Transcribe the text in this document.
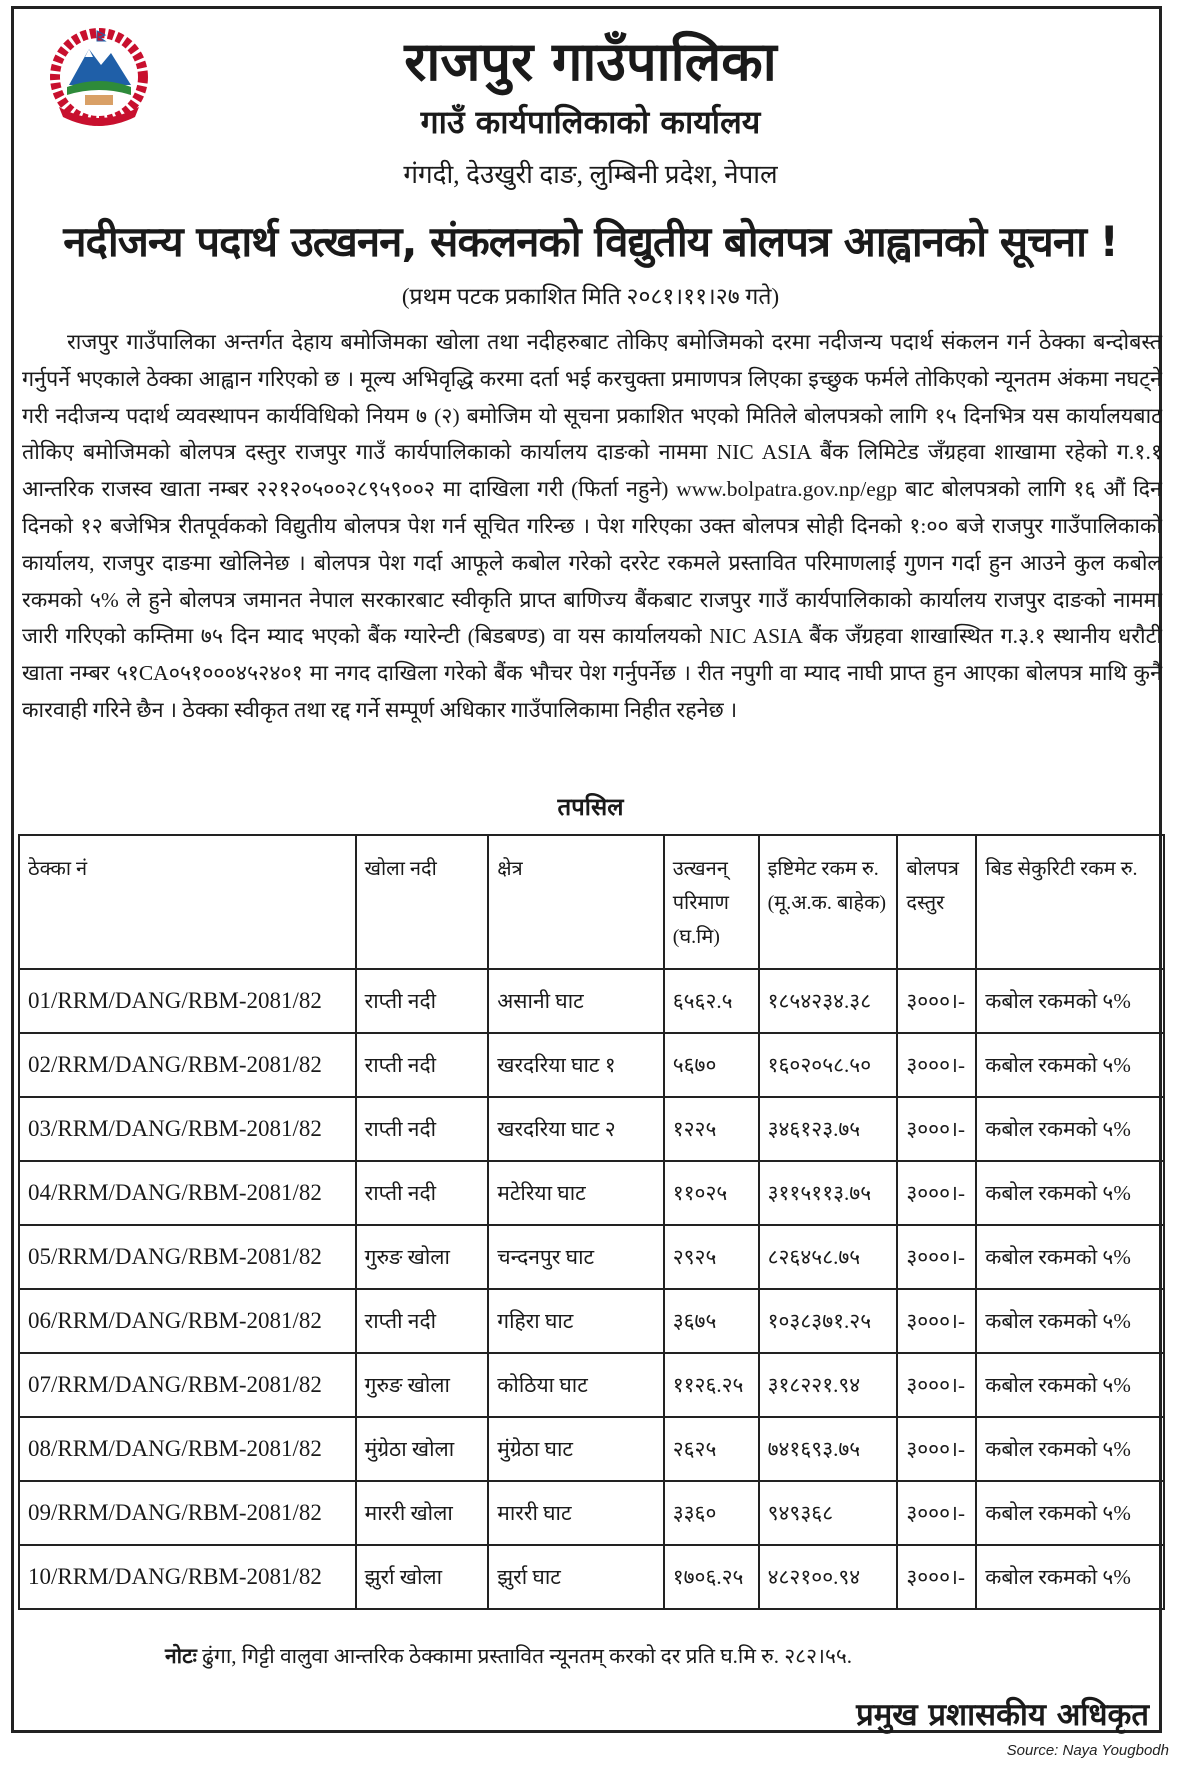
राजपुर गाउँपालिका
गाउँ कार्यपालिकाको कार्यालय
गंगदी, देउखुरी दाङ, लुम्बिनी प्रदेश, नेपाल
नदीजन्य पदार्थ उत्खनन, संकलनको विद्युतीय बोलपत्र आह्वानको सूचना !
(प्रथम पटक प्रकाशित मिति २०८१।११।२७ गते)
राजपुर गाउँपालिका अन्तर्गत देहाय बमोजिमका खोला तथा नदीहरुबाट तोकिए बमोजिमको दरमा नदीजन्य पदार्थ संकलन गर्न ठेक्का बन्दोबस्त गर्नुपर्ने भएकाले ठेक्का आह्वान गरिएको छ । मूल्य अभिवृद्धि करमा दर्ता भई करचुक्ता प्रमाणपत्र लिएका इच्छुक फर्मले तोकिएको न्यूनतम अंकमा नघट्ने गरी नदीजन्य पदार्थ व्यवस्थापन कार्यविधिको नियम ७ (२) बमोजिम यो सूचना प्रकाशित भएको मितिले बोलपत्रको लागि १५ दिनभित्र यस कार्यालयबाट तोकिए बमोजिमको बोलपत्र दस्तुर राजपुर गाउँ कार्यपालिकाको कार्यालय दाङको नाममा NIC ASIA बैंक लिमिटेड जँग्रहवा शाखामा रहेको ग.१.१ आन्तरिक राजस्व खाता नम्बर २२१२०५००२८९५९००२ मा दाखिला गरी (फिर्ता नहुने) www.bolpatra.gov.np/egp बाट बोलपत्रको लागि १६ औं दिन दिनको १२ बजेभित्र रीतपूर्वकको विद्युतीय बोलपत्र पेश गर्न सूचित गरिन्छ । पेश गरिएका उक्त बोलपत्र सोही दिनको १:०० बजे राजपुर गाउँपालिकाको कार्यालय, राजपुर दाङमा खोलिनेछ । बोलपत्र पेश गर्दा आफूले कबोल गरेको दररेट रकमले प्रस्तावित परिमाणलाई गुणन गर्दा हुन आउने कुल कबोल रकमको ५% ले हुने बोलपत्र जमानत नेपाल सरकारबाट स्वीकृति प्राप्त बाणिज्य बैंकबाट राजपुर गाउँ कार्यपालिकाको कार्यालय राजपुर दाङको नाममा जारी गरिएको कम्तिमा ७५ दिन म्याद भएको बैंक ग्यारेन्टी (बिडबण्ड) वा यस कार्यालयको NIC ASIA बैंक जँग्रहवा शाखास्थित ग.३.१ स्थानीय धरौटी खाता नम्बर ५१CA०५१०००४५२४०१ मा नगद दाखिला गरेको बैंक भौचर पेश गर्नुपर्नेछ । रीत नपुगी वा म्याद नाघी प्राप्त हुन आएका बोलपत्र माथि कुनै कारवाही गरिने छैन । ठेक्का स्वीकृत तथा रद्द गर्ने सम्पूर्ण अधिकार गाउँपालिकामा निहीत रहनेछ ।
तपसिल
ठेक्का नं	खोला नदी	क्षेत्र	उत्खनन् परिमाण (घ.मि)	इष्टिमेट रकम रु. (मू.अ.क. बाहेक)	बोलपत्र दस्तुर	बिड सेकुरिटी रकम रु.
01/RRM/DANG/RBM-2081/82	राप्ती नदी	असानी घाट	६५६२.५	१८५४२३४.३८	३०००।-	कबोल रकमको ५%
02/RRM/DANG/RBM-2081/82	राप्ती नदी	खरदरिया घाट १	५६७०	१६०२०५८.५०	३०००।-	कबोल रकमको ५%
03/RRM/DANG/RBM-2081/82	राप्ती नदी	खरदरिया घाट २	१२२५	३४६१२३.७५	३०००।-	कबोल रकमको ५%
04/RRM/DANG/RBM-2081/82	राप्ती नदी	मटेरिया घाट	११०२५	३११५११३.७५	३०००।-	कबोल रकमको ५%
05/RRM/DANG/RBM-2081/82	गुरुङ खोला	चन्दनपुर घाट	२९२५	८२६४५८.७५	३०००।-	कबोल रकमको ५%
06/RRM/DANG/RBM-2081/82	राप्ती नदी	गहिरा घाट	३६७५	१०३८३७१.२५	३०००।-	कबोल रकमको ५%
07/RRM/DANG/RBM-2081/82	गुरुङ खोला	कोठिया घाट	११२६.२५	३१८२२१.९४	३०००।-	कबोल रकमको ५%
08/RRM/DANG/RBM-2081/82	मुंग्रेठा खोला	मुंग्रेठा घाट	२६२५	७४१६९३.७५	३०००।-	कबोल रकमको ५%
09/RRM/DANG/RBM-2081/82	माररी खोला	माररी घाट	३३६०	९४९३६८	३०००।-	कबोल रकमको ५%
10/RRM/DANG/RBM-2081/82	झुर्रा खोला	झुर्रा घाट	१७०६.२५	४८२१००.९४	३०००।-	कबोल रकमको ५%
नोटः ढुंगा, गिट्टी वालुवा आन्तरिक ठेक्कामा प्रस्तावित न्यूनतम् करको दर प्रति घ.मि रु. २८२।५५.
प्रमुख प्रशासकीय अधिकृत
Source: Naya Yougbodh
